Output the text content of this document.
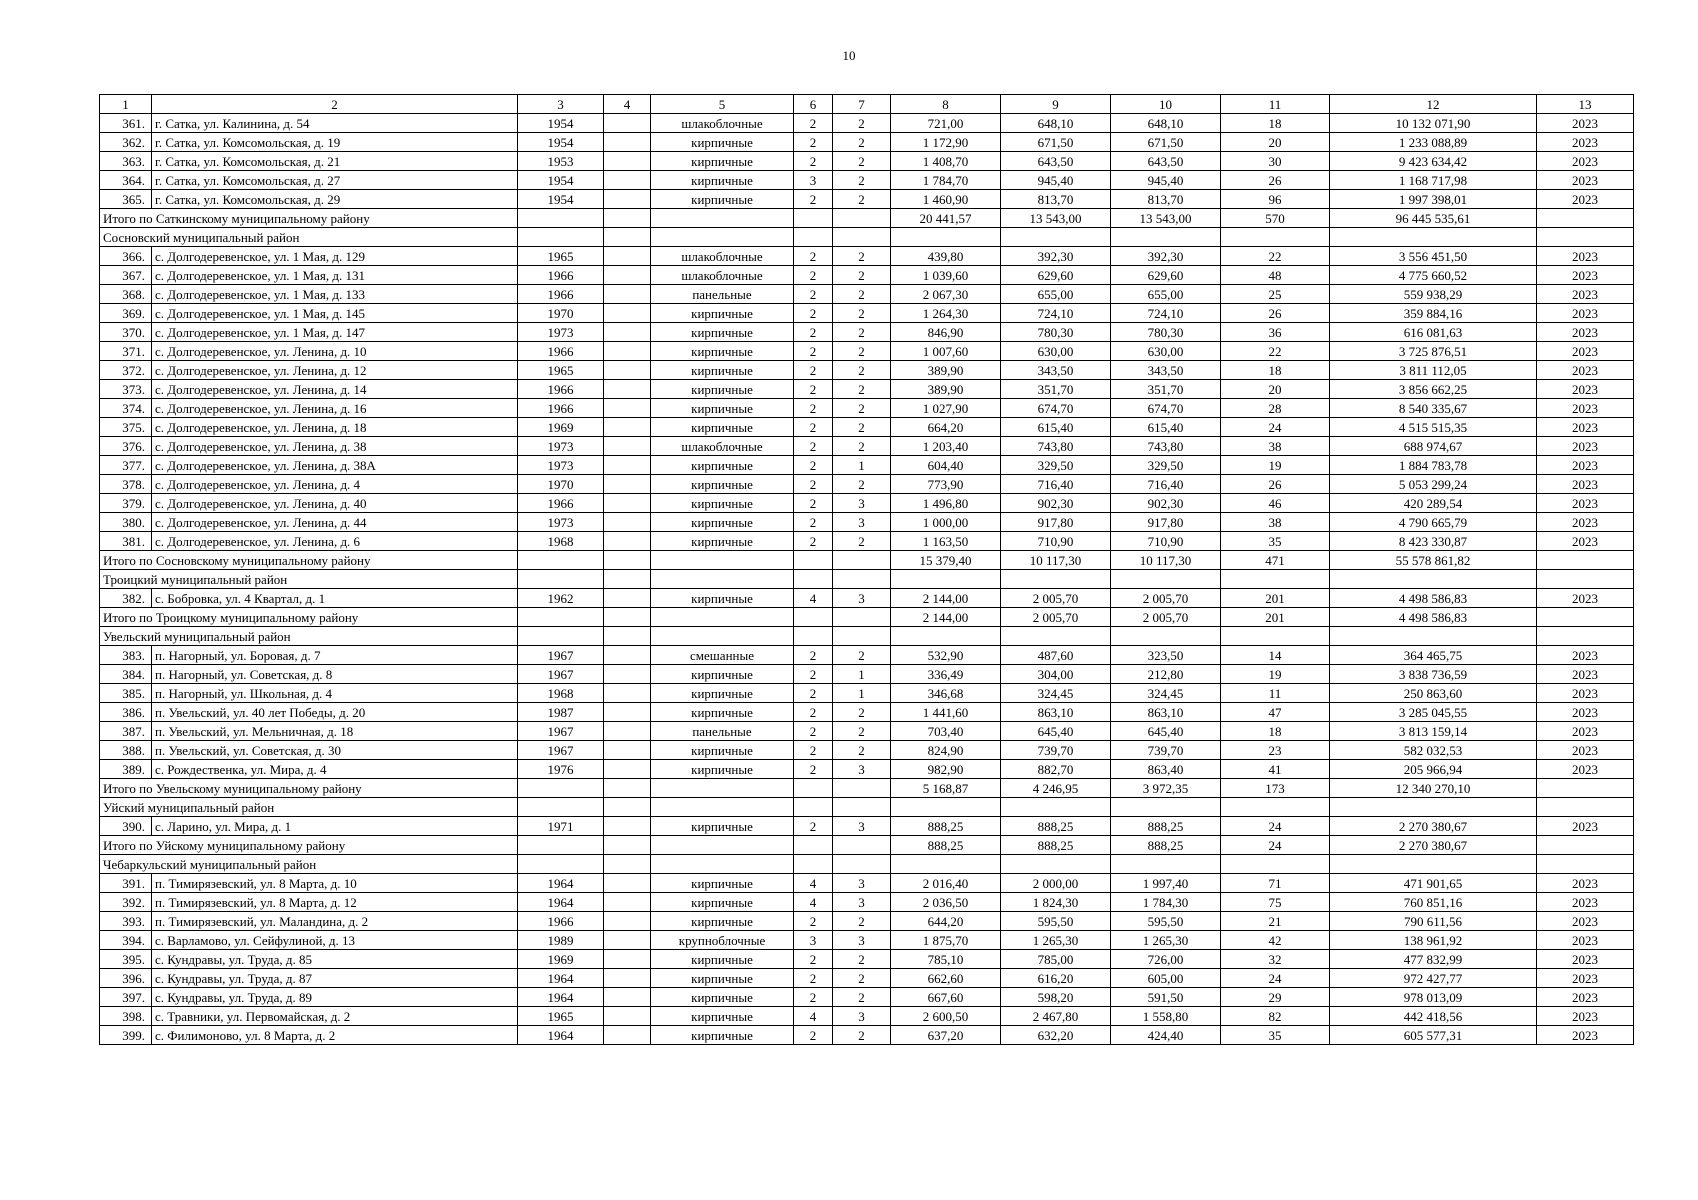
10
1	2	3	4	5	6	7	8	9	10	11	12	13
361.	г. Сатка, ул. Калинина, д. 54	1954		шлакоблочные	2	2	721,00	648,10	648,10	18	10 132 071,90	2023
362.	г. Сатка, ул. Комсомольская, д. 19	1954		кирпичные	2	2	1 172,90	671,50	671,50	20	1 233 088,89	2023
363.	г. Сатка, ул. Комсомольская, д. 21	1953		кирпичные	2	2	1 408,70	643,50	643,50	30	9 423 634,42	2023
364.	г. Сатка, ул. Комсомольская, д. 27	1954		кирпичные	3	2	1 784,70	945,40	945,40	26	1 168 717,98	2023
365.	г. Сатка, ул. Комсомольская, д. 29	1954		кирпичные	2	2	1 460,90	813,70	813,70	96	1 997 398,01	2023
Итого по Саткинскому муниципальному району							20 441,57	13 543,00	13 543,00	570	96 445 535,61	
Сосновский муниципальный район												
366.	с. Долгодеревенское, ул. 1 Мая, д. 129	1965		шлакоблочные	2	2	439,80	392,30	392,30	22	3 556 451,50	2023
367.	с. Долгодеревенское, ул. 1 Мая, д. 131	1966		шлакоблочные	2	2	1 039,60	629,60	629,60	48	4 775 660,52	2023
368.	с. Долгодеревенское, ул. 1 Мая, д. 133	1966		панельные	2	2	2 067,30	655,00	655,00	25	559 938,29	2023
369.	с. Долгодеревенское, ул. 1 Мая, д. 145	1970		кирпичные	2	2	1 264,30	724,10	724,10	26	359 884,16	2023
370.	с. Долгодеревенское, ул. 1 Мая, д. 147	1973		кирпичные	2	2	846,90	780,30	780,30	36	616 081,63	2023
371.	с. Долгодеревенское, ул. Ленина, д. 10	1966		кирпичные	2	2	1 007,60	630,00	630,00	22	3 725 876,51	2023
372.	с. Долгодеревенское, ул. Ленина, д. 12	1965		кирпичные	2	2	389,90	343,50	343,50	18	3 811 112,05	2023
373.	с. Долгодеревенское, ул. Ленина, д. 14	1966		кирпичные	2	2	389,90	351,70	351,70	20	3 856 662,25	2023
374.	с. Долгодеревенское, ул. Ленина, д. 16	1966		кирпичные	2	2	1 027,90	674,70	674,70	28	8 540 335,67	2023
375.	с. Долгодеревенское, ул. Ленина, д. 18	1969		кирпичные	2	2	664,20	615,40	615,40	24	4 515 515,35	2023
376.	с. Долгодеревенское, ул. Ленина, д. 38	1973		шлакоблочные	2	2	1 203,40	743,80	743,80	38	688 974,67	2023
377.	с. Долгодеревенское, ул. Ленина, д. 38А	1973		кирпичные	2	1	604,40	329,50	329,50	19	1 884 783,78	2023
378.	с. Долгодеревенское, ул. Ленина, д. 4	1970		кирпичные	2	2	773,90	716,40	716,40	26	5 053 299,24	2023
379.	с. Долгодеревенское, ул. Ленина, д. 40	1966		кирпичные	2	3	1 496,80	902,30	902,30	46	420 289,54	2023
380.	с. Долгодеревенское, ул. Ленина, д. 44	1973		кирпичные	2	3	1 000,00	917,80	917,80	38	4 790 665,79	2023
381.	с. Долгодеревенское, ул. Ленина, д. 6	1968		кирпичные	2	2	1 163,50	710,90	710,90	35	8 423 330,87	2023
Итого по Сосновскому муниципальному району							15 379,40	10 117,30	10 117,30	471	55 578 861,82	
Троицкий муниципальный район												
382.	с. Бобровка, ул. 4 Квартал, д. 1	1962		кирпичные	4	3	2 144,00	2 005,70	2 005,70	201	4 498 586,83	2023
Итого по Троицкому муниципальному району							2 144,00	2 005,70	2 005,70	201	4 498 586,83	
Увельский муниципальный район												
383.	п. Нагорный, ул. Боровая, д. 7	1967		смешанные	2	2	532,90	487,60	323,50	14	364 465,75	2023
384.	п. Нагорный, ул. Советская, д. 8	1967		кирпичные	2	1	336,49	304,00	212,80	19	3 838 736,59	2023
385.	п. Нагорный, ул. Школьная, д. 4	1968		кирпичные	2	1	346,68	324,45	324,45	11	250 863,60	2023
386.	п. Увельский, ул. 40 лет Победы, д. 20	1987		кирпичные	2	2	1 441,60	863,10	863,10	47	3 285 045,55	2023
387.	п. Увельский, ул. Мельничная, д. 18	1967		панельные	2	2	703,40	645,40	645,40	18	3 813 159,14	2023
388.	п. Увельский, ул. Советская, д. 30	1967		кирпичные	2	2	824,90	739,70	739,70	23	582 032,53	2023
389.	с. Рождественка, ул. Мира, д. 4	1976		кирпичные	2	3	982,90	882,70	863,40	41	205 966,94	2023
Итого по Увельскому муниципальному району							5 168,87	4 246,95	3 972,35	173	12 340 270,10	
Уйский муниципальный район												
390.	с. Ларино, ул. Мира, д. 1	1971		кирпичные	2	3	888,25	888,25	888,25	24	2 270 380,67	2023
Итого по Уйскому муниципальному району							888,25	888,25	888,25	24	2 270 380,67	
Чебаркульский муниципальный район												
391.	п. Тимирязевский, ул. 8 Марта, д. 10	1964		кирпичные	4	3	2 016,40	2 000,00	1 997,40	71	471 901,65	2023
392.	п. Тимирязевский, ул. 8 Марта, д. 12	1964		кирпичные	4	3	2 036,50	1 824,30	1 784,30	75	760 851,16	2023
393.	п. Тимирязевский, ул. Маландина, д. 2	1966		кирпичные	2	2	644,20	595,50	595,50	21	790 611,56	2023
394.	с. Варламово, ул. Сейфулиной, д. 13	1989		крупноблочные	3	3	1 875,70	1 265,30	1 265,30	42	138 961,92	2023
395.	с. Кундравы, ул. Труда, д. 85	1969		кирпичные	2	2	785,10	785,00	726,00	32	477 832,99	2023
396.	с. Кундравы, ул. Труда, д. 87	1964		кирпичные	2	2	662,60	616,20	605,00	24	972 427,77	2023
397.	с. Кундравы, ул. Труда, д. 89	1964		кирпичные	2	2	667,60	598,20	591,50	29	978 013,09	2023
398.	с. Травники, ул. Первомайская, д. 2	1965		кирпичные	4	3	2 600,50	2 467,80	1 558,80	82	442 418,56	2023
399.	с. Филимоново, ул. 8 Марта, д. 2	1964		кирпичные	2	2	637,20	632,20	424,40	35	605 577,31	2023
